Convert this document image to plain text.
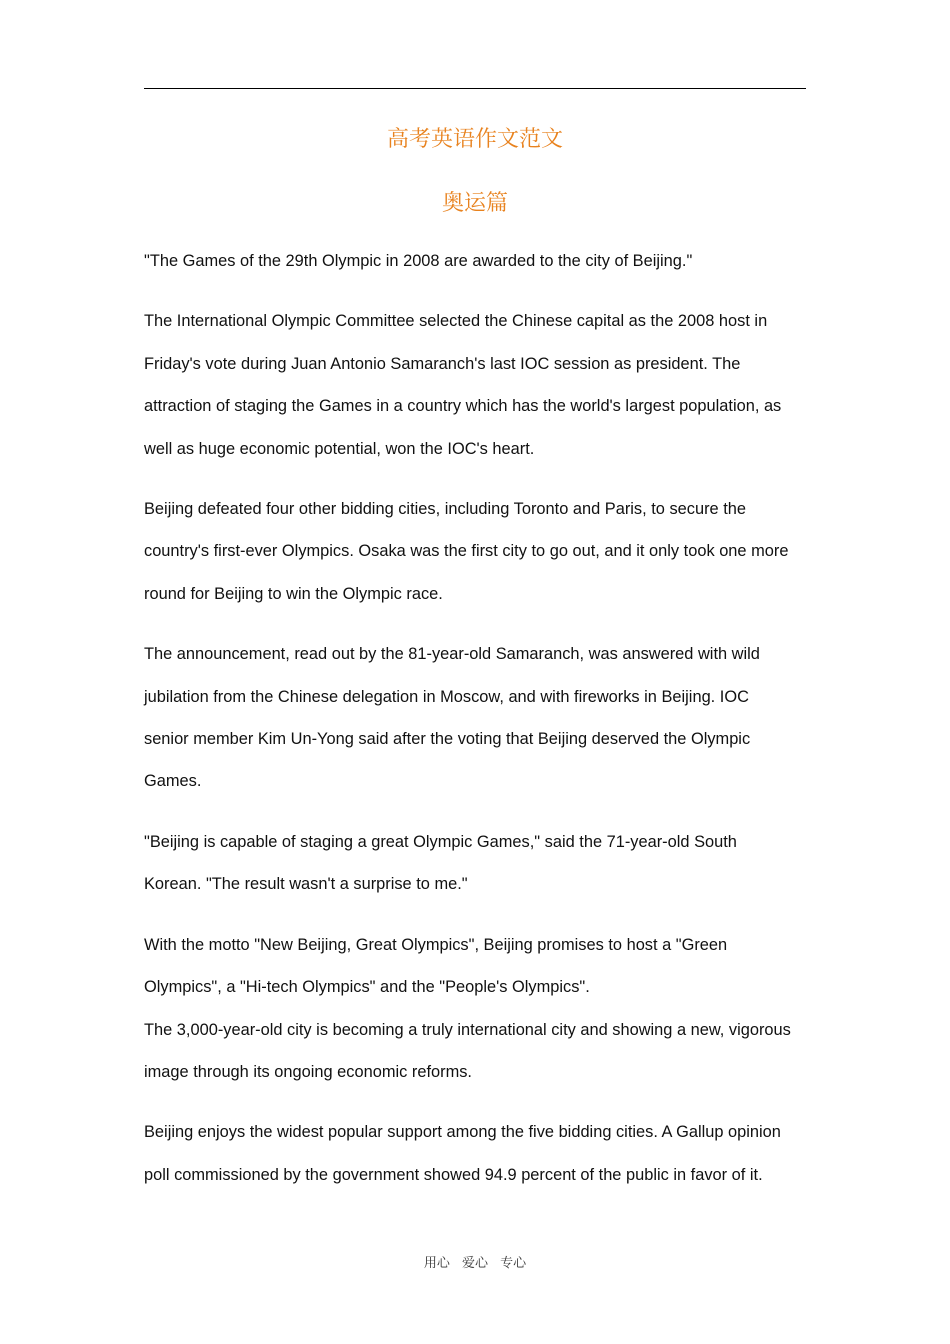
高考英语作文范文
奥运篇

"The Games of the 29th Olympic in 2008 are awarded to the city of Beijing."

The International Olympic Committee selected the Chinese capital as the 2008 host in
Friday's vote during Juan Antonio Samaranch's last IOC session as president. The
attraction of staging the Games in a country which has the world's largest population, as
well as huge economic potential, won the IOC's heart.

Beijing defeated four other bidding cities, including Toronto and Paris, to secure the
country's first-ever Olympics. Osaka was the first city to go out, and it only took one more
round for Beijing to win the Olympic race.

The announcement, read out by the 81-year-old Samaranch, was answered with wild
jubilation from the Chinese delegation in Moscow, and with fireworks in Beijing. IOC
senior member Kim Un-Yong said after the voting that Beijing deserved the Olympic
Games.

"Beijing is capable of staging a great Olympic Games," said the 71-year-old South
Korean. "The result wasn't a surprise to me."

With the motto "New Beijing, Great Olympics", Beijing promises to host a "Green
Olympics", a "Hi-tech Olympics" and the "People's Olympics".

The 3,000-year-old city is becoming a truly international city and showing a new, vigorous
image through its ongoing economic reforms.

Beijing enjoys the widest popular support among the five bidding cities. A Gallup opinion
poll commissioned by the government showed 94.9 percent of the public in favor of it.

用心 爱心 专心
